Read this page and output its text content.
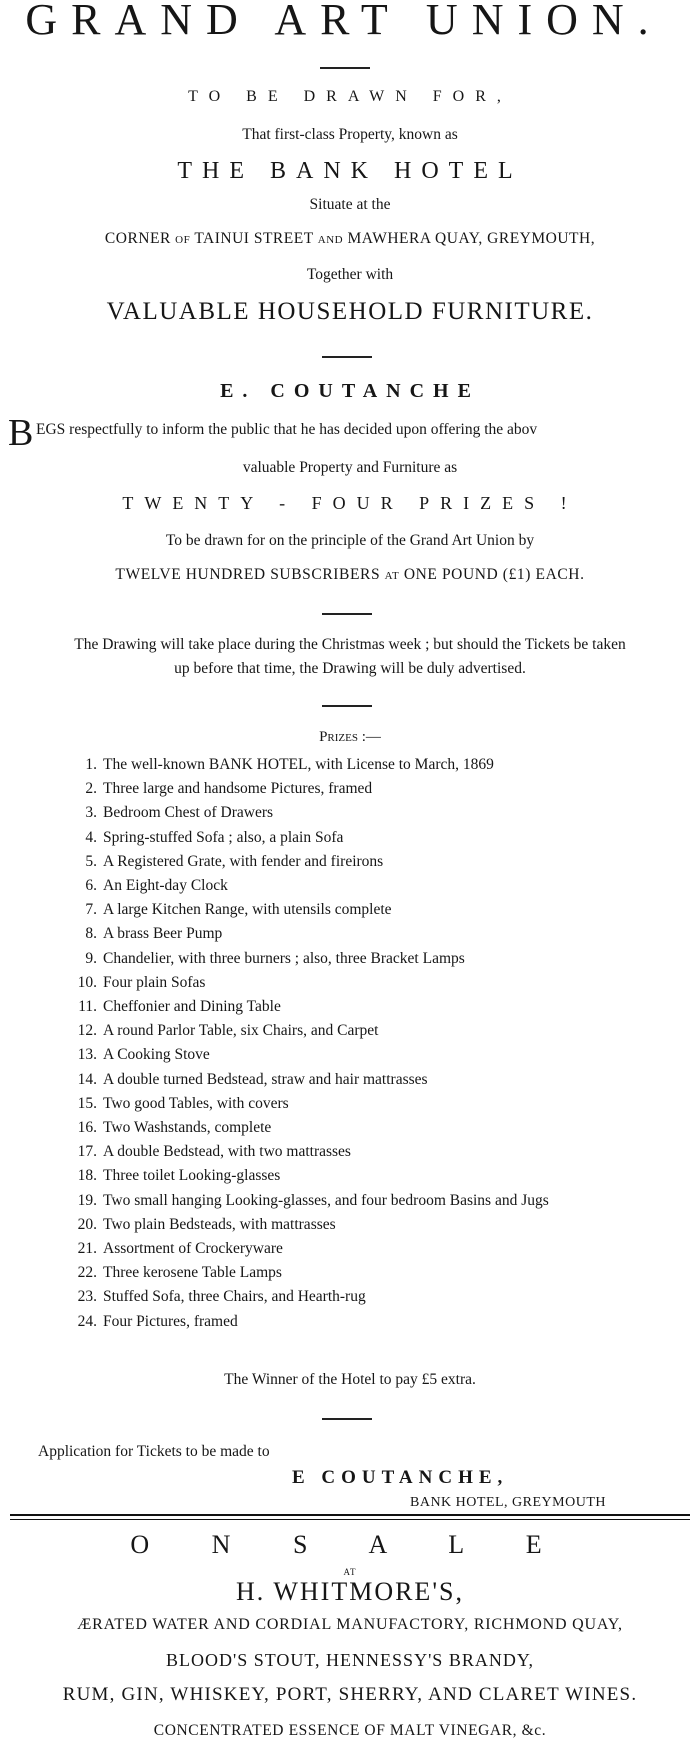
GRAND ART UNION.
TO BE DRAWN FOR,
That first-class Property, known as
THE BANK HOTEL
Situate at the
CORNER OF TAINUI STREET AND MAWHERA QUAY, GREYMOUTH,
Together with
VALUABLE HOUSEHOLD FURNITURE.
E. COUTANCHE
B EGS respectfully to inform the public that he has decided upon offering the abov
valuable Property and Furniture as
TWENTY - FOUR PRIZES !
To be drawn for on the principle of the Grand Art Union by
TWELVE HUNDRED SUBSCRIBERS AT ONE POUND (£1) EACH.
The Drawing will take place during the Christmas week ; but should the Tickets be taken
up before that time, the Drawing will be duly advertised.
Prizes :—
1. The well-known BANK HOTEL, with License to March, 1869
2. Three large and handsome Pictures, framed
3. Bedroom Chest of Drawers
4. Spring-stuffed Sofa ; also, a plain Sofa
5. A Registered Grate, with fender and fireirons
6. An Eight-day Clock
7. A large Kitchen Range, with utensils complete
8. A brass Beer Pump
9. Chandelier, with three burners ; also, three Bracket Lamps
10. Four plain Sofas
11. Cheffonier and Dining Table
12. A round Parlor Table, six Chairs, and Carpet
13. A Cooking Stove
14. A double turned Bedstead, straw and hair mattrasses
15. Two good Tables, with covers
16. Two Washstands, complete
17. A double Bedstead, with two mattrasses
18. Three toilet Looking-glasses
19. Two small hanging Looking-glasses, and four bedroom Basins and Jugs
20. Two plain Bedsteads, with mattrasses
21. Assortment of Crockeryware
22. Three kerosene Table Lamps
23. Stuffed Sofa, three Chairs, and Hearth-rug
24. Four Pictures, framed
The Winner of the Hotel to pay £5 extra.
Application for Tickets to be made to
E COUTANCHE,
BANK HOTEL, GREYMOUTH
O N S A L E
AT
H. WHITMORE'S,
ÆRATED WATER AND CORDIAL MANUFACTORY, RICHMOND QUAY,
BLOOD'S STOUT, HENNESSY'S BRANDY,
RUM, GIN, WHISKEY, PORT, SHERRY, AND CLARET WINES.
CONCENTRATED ESSENCE OF MALT VINEGAR, &c.
